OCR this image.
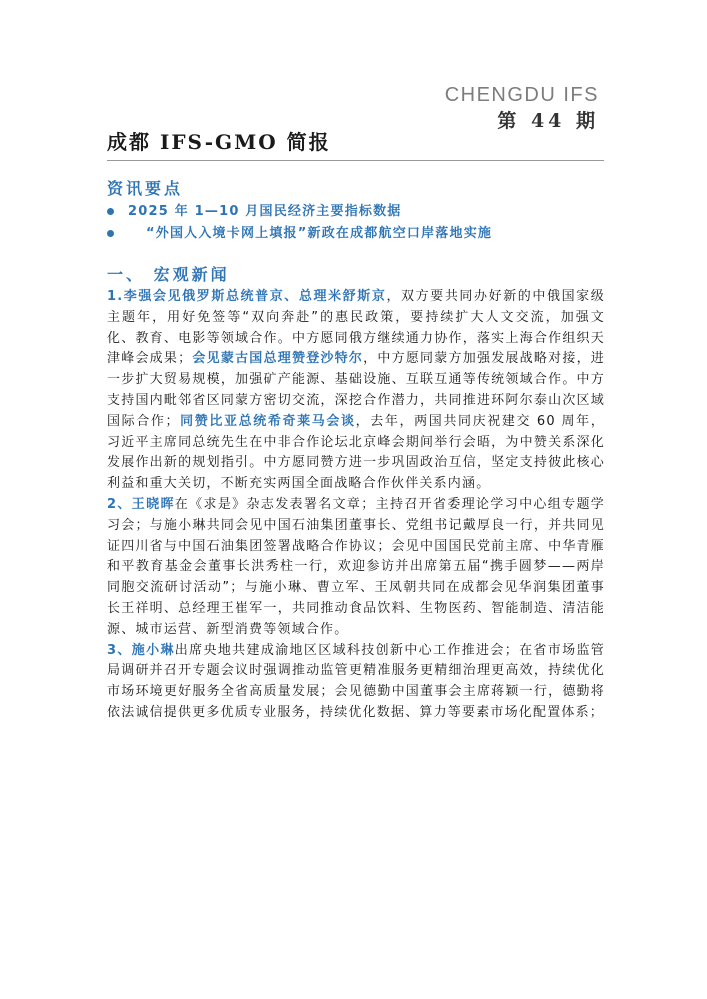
CHENGDU IFS
第 44 期
成都 IFS-GMO 简报
资讯要点
2025 年 1—10 月国民经济主要指标数据
“外国人入境卡网上填报”新政在成都航空口岸落地实施
一、 宏观新闻

1.李强会见俄罗斯总统普京、总理米舒斯京，双方要共同办好新的中俄国家级主题年，用好免签等“双向奔赴”的惠民政策，要持续扩大人文交流，加强文化、教育、电影等领域合作。中方愿同俄方继续通力协作，落实上海合作组织天津峰会成果；会见蒙古国总理赞登沙特尔，中方愿同蒙方加强发展战略对接，进一步扩大贸易规模，加强矿产能源、基础设施、互联互通等传统领域合作。中方支持国内毗邻省区同蒙方密切交流，深挖合作潜力，共同推进环阿尔泰山次区域国际合作；同赞比亚总统希奇莱马会谈，去年，两国共同庆祝建交 60 周年，习近平主席同总统先生在中非合作论坛北京峰会期间举行会晤，为中赞关系深化发展作出新的规划指引。中方愿同赞方进一步巩固政治互信，坚定支持彼此核心利益和重大关切，不断充实两国全面战略合作伙伴关系内涵。

2、王晓晖在《求是》杂志发表署名文章；主持召开省委理论学习中心组专题学习会；与施小琳共同会见中国石油集团董事长、党组书记戴厚良一行，并共同见证四川省与中国石油集团签署战略合作协议；会见中国国民党前主席、中华青雁和平教育基金会董事长洪秀柱一行，欢迎参访并出席第五届“携手圆梦——两岸同胞交流研讨活动”；与施小琳、曹立军、王凤朝共同在成都会见华润集团董事长王祥明、总经理王崔军一，共同推动食品饮料、生物医药、智能制造、清洁能源、城市运营、新型消费等领域合作。

3、施小琳出席央地共建成渝地区区域科技创新中心工作推进会；在省市场监管局调研并召开专题会议时强调推动监管更精准服务更精细治理更高效，持续优化市场环境更好服务全省高质量发展；会见德勤中国董事会主席蒋颖一行，德勤将依法诚信提供更多优质专业服务，持续优化数据、算力等要素市场化配置体系；
